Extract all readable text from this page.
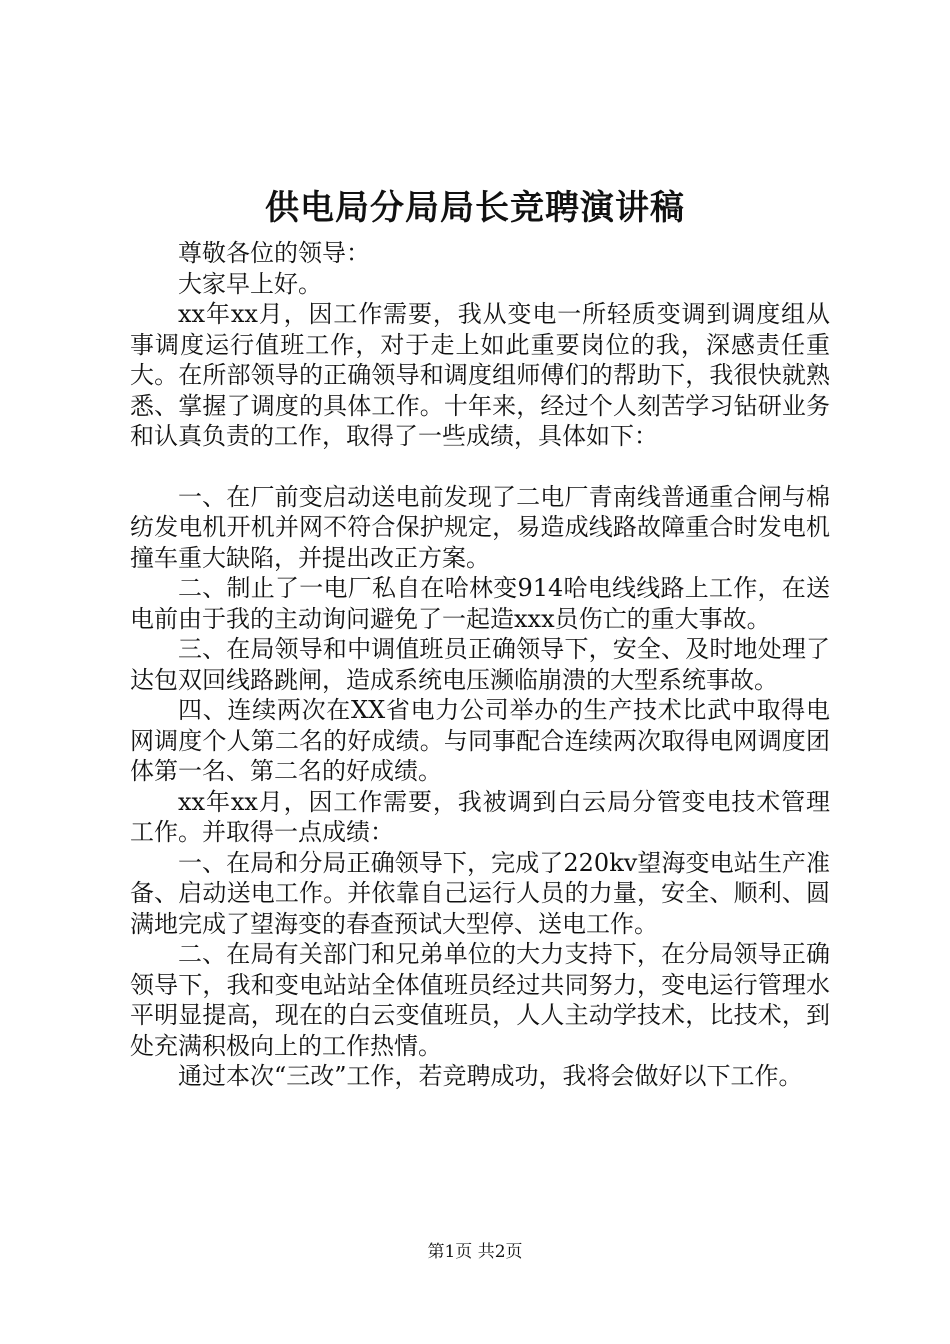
供电局分局局长竞聘演讲稿

尊敬各位的领导：

大家早上好。

xx年xx月，因工作需要，我从变电一所轻质变调到调度组从事调度运行值班工作，对于走上如此重要岗位的我，深感责任重大。在所部领导的正确领导和调度组师傅们的帮助下，我很快就熟悉、掌握了调度的具体工作。十年来，经过个人刻苦学习钻研业务和认真负责的工作，取得了一些成绩，具体如下：

一、在厂前变启动送电前发现了二电厂青南线普通重合闸与棉纺发电机开机并网不符合保护规定，易造成线路故障重合时发电机撞车重大缺陷，并提出改正方案。

二、制止了一电厂私自在哈林变914哈电线线路上工作，在送电前由于我的主动询问避免了一起造xxx员伤亡的重大事故。

三、在局领导和中调值班员正确领导下，安全、及时地处理了达包双回线路跳闸，造成系统电压濒临崩溃的大型系统事故。

四、连续两次在XX省电力公司举办的生产技术比武中取得电网调度个人第二名的好成绩。与同事配合连续两次取得电网调度团体第一名、第二名的好成绩。

xx年xx月，因工作需要，我被调到白云局分管变电技术管理工作。并取得一点成绩：

一、在局和分局正确领导下，完成了220kv望海变电站生产准备、启动送电工作。并依靠自己运行人员的力量，安全、顺利、圆满地完成了望海变的春查预试大型停、送电工作。

二、在局有关部门和兄弟单位的大力支持下，在分局领导正确领导下，我和变电站站全体值班员经过共同努力，变电运行管理水平明显提高，现在的白云变值班员，人人主动学技术，比技术，到处充满积极向上的工作热情。

通过本次“三改”工作，若竞聘成功，我将会做好以下工作。

第1页 共2页
